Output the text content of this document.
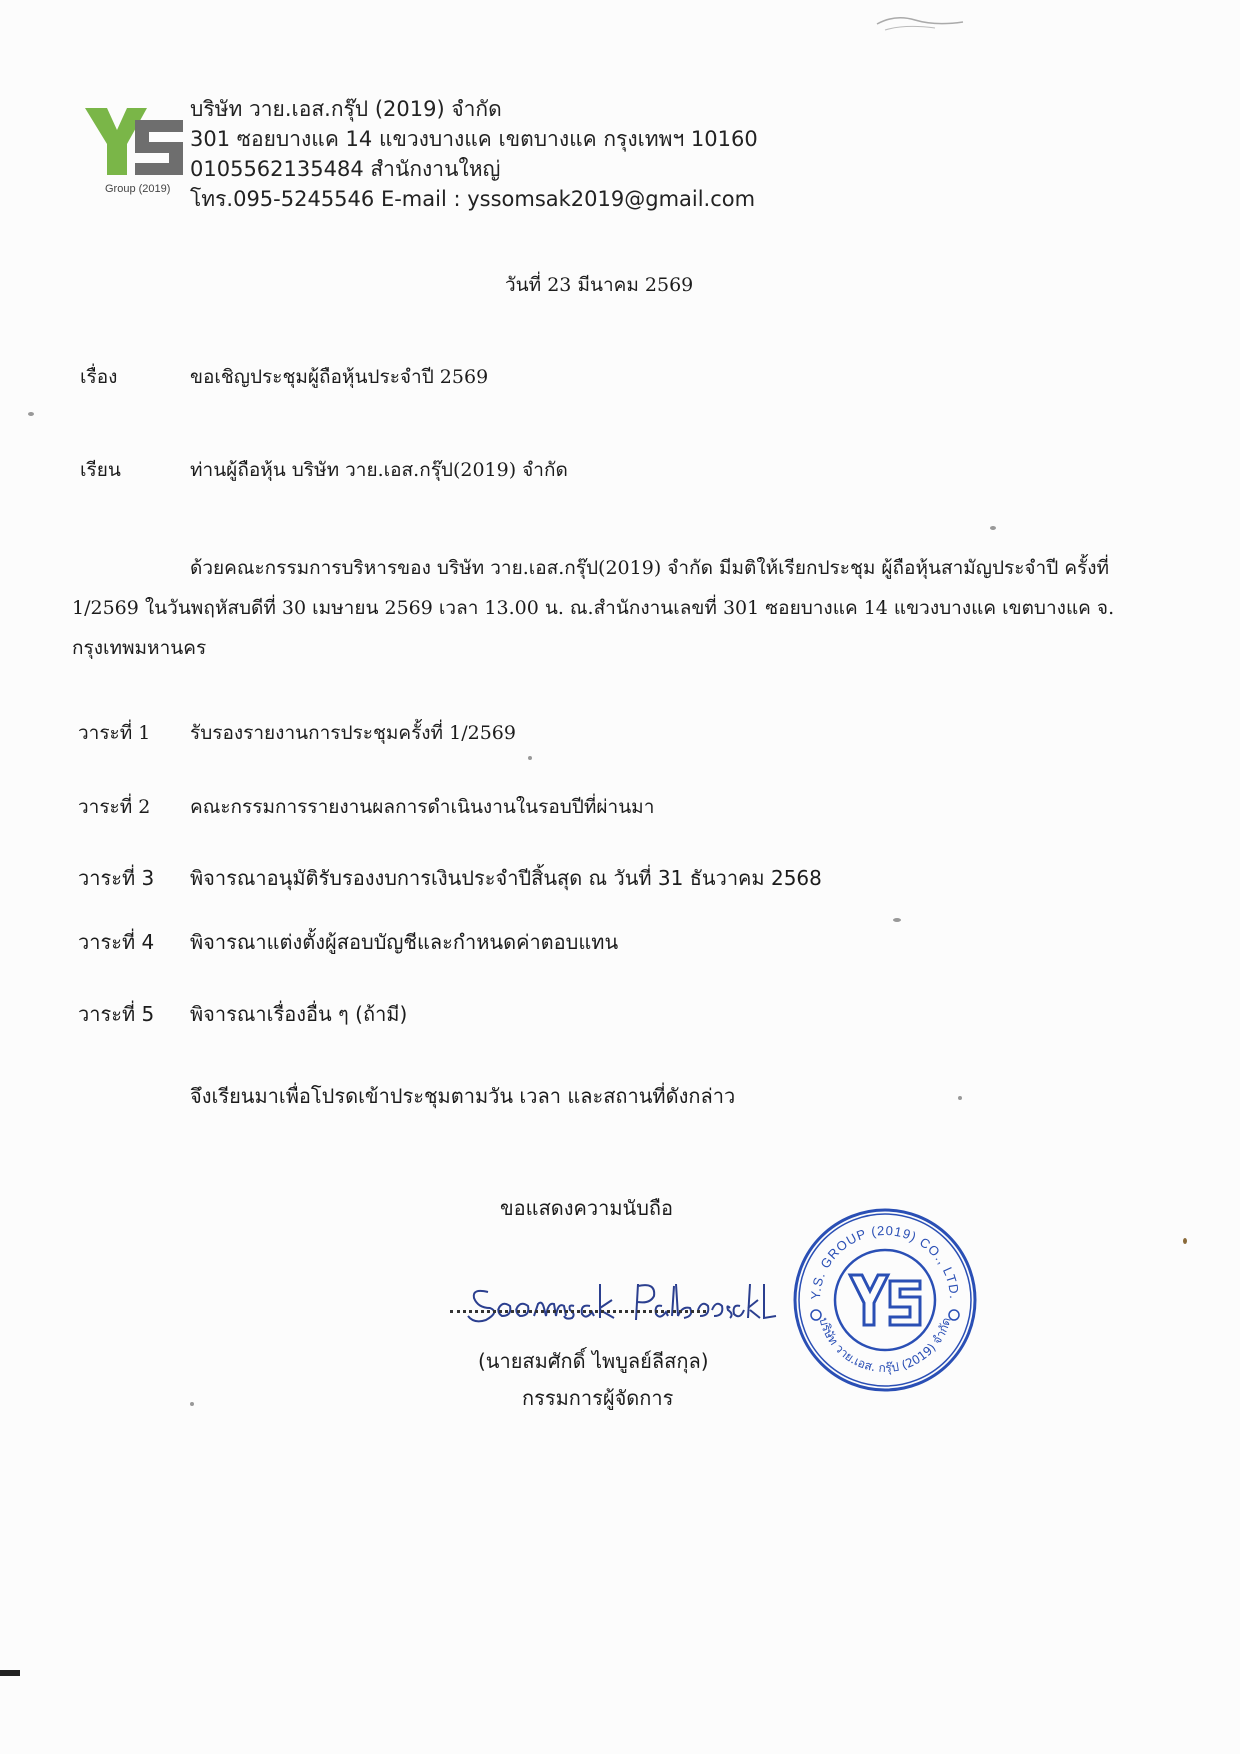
Group (2019)
บริษัท วาย.เอส.กรุ๊ป (2019) จำกัด
301 ซอยบางแค 14 แขวงบางแค เขตบางแค กรุงเทพฯ 10160
0105562135484 สำนักงานใหญ่
โทร.095-5245546 E-mail : yssomsak2019@gmail.com
วันที่ 23 มีนาคม 2569
เรื่อง	ขอเชิญประชุมผู้ถือหุ้นประจำปี 2569
เรียน	ท่านผู้ถือหุ้น บริษัท วาย.เอส.กรุ๊ป(2019) จำกัด
ด้วยคณะกรรมการบริหารของ บริษัท วาย.เอส.กรุ๊ป(2019) จำกัด มีมติให้เรียกประชุม ผู้ถือหุ้นสามัญประจำปี ครั้งที่ 1/2569 ในวันพฤหัสบดีที่ 30 เมษายน 2569 เวลา 13.00 น. ณ.สำนักงานเลขที่ 301 ซอยบางแค 14 แขวงบางแค เขตบางแค จ. กรุงเทพมหานคร
วาระที่ 1 รับรองรายงานการประชุมครั้งที่ 1/2569
วาระที่ 2 คณะกรรมการรายงานผลการดำเนินงานในรอบปีที่ผ่านมา
วาระที่ 3 พิจารณาอนุมัติรับรองงบการเงินประจำปีสิ้นสุด ณ วันที่ 31 ธันวาคม 2568
วาระที่ 4 พิจารณาแต่งตั้งผู้สอบบัญชีและกำหนดค่าตอบแทน
วาระที่ 5 พิจารณาเรื่องอื่น ๆ (ถ้ามี)
จึงเรียนมาเพื่อโปรดเข้าประชุมตามวัน เวลา และสถานที่ดังกล่าว
ขอแสดงความนับถือ
(นายสมศักดิ์ ไพบูลย์ลีสกุล)
กรรมการผู้จัดการ
Y.S. GROUP (2019) CO., LTD.
บริษัท วาย.เอส. กรุ๊ป (2019) จำกัด
